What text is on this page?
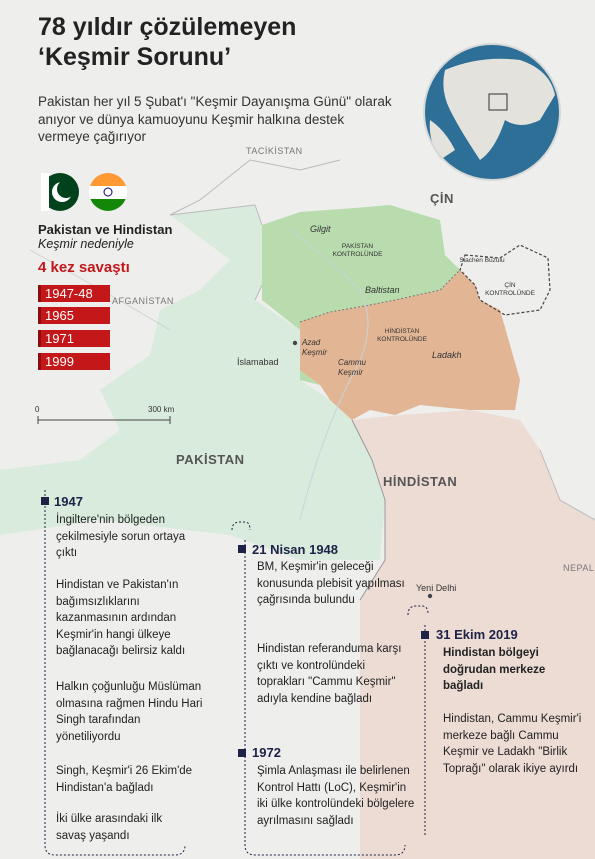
78 yıldır çözülemeyen
‘Keşmir Sorunu’
Pakistan her yıl 5 Şubat'ı "Keşmir Dayanışma Günü" olarak anıyor ve dünya kamuoyunu Keşmir halkına destek vermeye çağırıyor
Pakistan ve Hindistan
Keşmir nedeniyle
4 kez savaştı
1947-48
1965
1971
1999
TACİKİSTAN
ÇİN
AFGANİSTAN
PAKİSTAN
HİNDİSTAN
NEPAL
Gilgit
PAKİSTAN KONTROLÜNDE
Baltistan
Siachen Buzulu
ÇİN KONTROLÜNDE
HİNDİSTAN KONTROLÜNDE
Azad Keşmir
Cammu Keşmir
Ladakh
İslamabad
Yeni Delhi
0	300 km
1947
İngiltere'nin bölgeden çekilmesiyle sorun ortaya çıktı
Hindistan ve Pakistan'ın bağımsızlıklarını kazanmasının ardından Keşmir'in hangi ülkeye bağlanacağı belirsiz kaldı
Halkın çoğunluğu Müslüman olmasına rağmen Hindu Hari Singh tarafından yönetiliyordu
Singh, Keşmir'i 26 Ekim'de Hindistan'a bağladı
İki ülke arasındaki ilk savaş yaşandı
21 Nisan 1948
BM, Keşmir'in geleceği konusunda plebisit yapılması çağrısında bulundu
Hindistan referanduma karşı çıktı ve kontrolündeki toprakları "Cammu Keşmir" adıyla kendine bağladı
1972
Şimla Anlaşması ile belirlenen Kontrol Hattı (LoC), Keşmir'in iki ülke kontrolündeki bölgelere ayrılmasını sağladı
31 Ekim 2019
Hindistan bölgeyi doğrudan merkeze bağladı
Hindistan, Cammu Keşmir'i merkeze bağlı Cammu Keşmir ve Ladakh "Birlik Toprağı" olarak ikiye ayırdı
